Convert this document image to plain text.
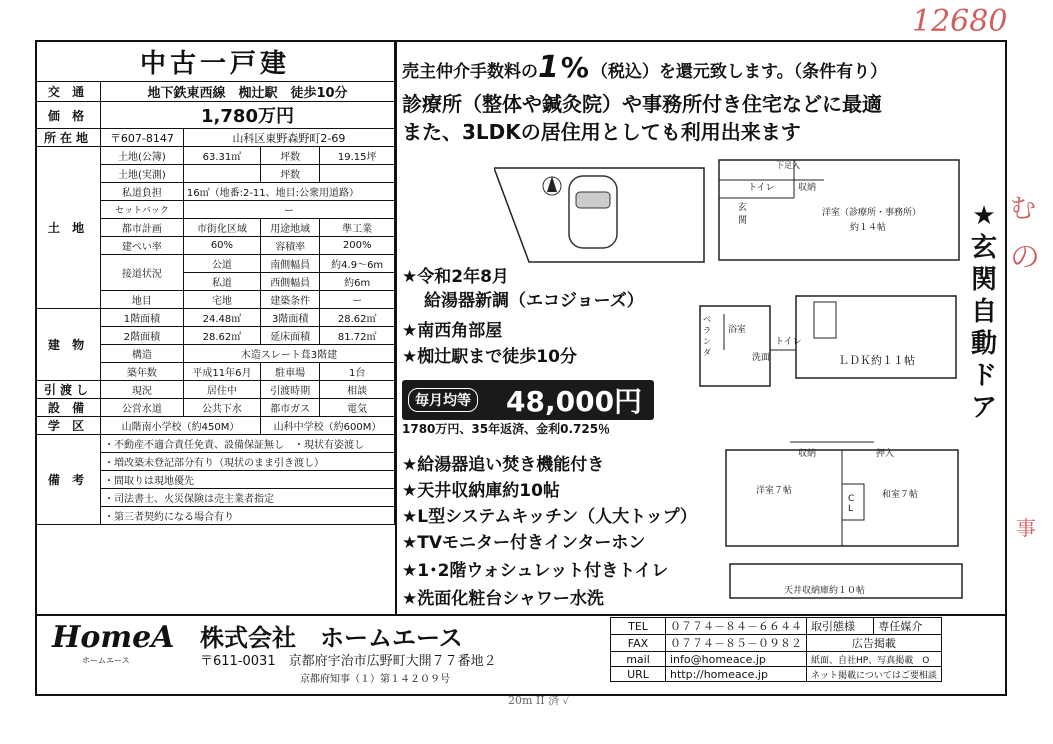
12680
む
の
事
20m II 済 ✓
中古一戸建				
交 通	地下鉄東西線　椥辻駅　徒歩10分			
価 格	1,780万円			
所在地	〒607-8147	山科区東野森野町2-69		
土 地	土地(公簿)	63.31㎡	坪数	19.15坪
	土地(実測)		坪数	
	私道負担	16㎡（地番:2-11、地目:公衆用道路）		
	セットバック	ー		
	都市計画	市街化区域	用途地域	準工業
	建ぺい率	60%	容積率	200%
	接道状況	公道	南側幅員	約4.9～6m
		私道	西側幅員	約6m
	地目	宅地	建築条件	ー
建 物	1階面積	24.48㎡	3階面積	28.62㎡
	2階面積	28.62㎡	延床面積	81.72㎡
	構造	木造スレート葺3階建		
	築年数	平成11年6月	駐車場	1台
引渡し	現況	居住中	引渡時期	相談
設 備	公営水道	公共下水	都市ガス	電気
学 区	山階南小学校（約450M）		山科中学校（約600M）	
備 考	・不動産不適合責任免責、設備保証無し　・現状有姿渡し			
	・増改築未登記部分有り（現状のまま引き渡し）			
	・間取りは現地優先			
	・司法書士、火災保険は売主業者指定			
	・第三者契約になる場合有り			
売主仲介手数料の1% （税込）を還元致します。（条件有り）
診療所（整体や鍼灸院）や事務所付き住宅などに最適
また、3LDKの居住用としても利用出来ます
洋室（診療所・事務所）
約１４帖
トイレ	収納
玄関
下足入
★令和2年8月
給湯器新調（エコジョーズ）
★南西角部屋
★椥辻駅まで徒歩10分
毎月均等 48,000円
1780万円、35年返済、金利0.725％
★給湯器追い焚き機能付き
★天井収納庫約10帖
★L型システムキッチン（人大トップ）
★TVモニター付きインターホン
★1･2階ウォシュレット付きトイレ
★洗面化粧台シャワー水洗
★玄関自動ドア
ＬＤＫ約１１帖
浴室
洗面
トイレ
ベランダ
洋室７帖	和室７帖
収納	押入
C L
天井収納庫約１０帖
HomeA
ホームエース
株式会社　ホームエース
〒611-0031　京都府宇治市広野町大開７７番地２
京都府知事（１）第１４２０９号
TEL	０７７４－８４－６６４４	取引態様	専任媒介
FAX	０７７４－８５－０９８２	広告掲載	
mail	info@homeace.jp	紙面、自社HP、写真掲載　O	
URL	http://homeace.jp	ネット掲載についてはご要相談	
